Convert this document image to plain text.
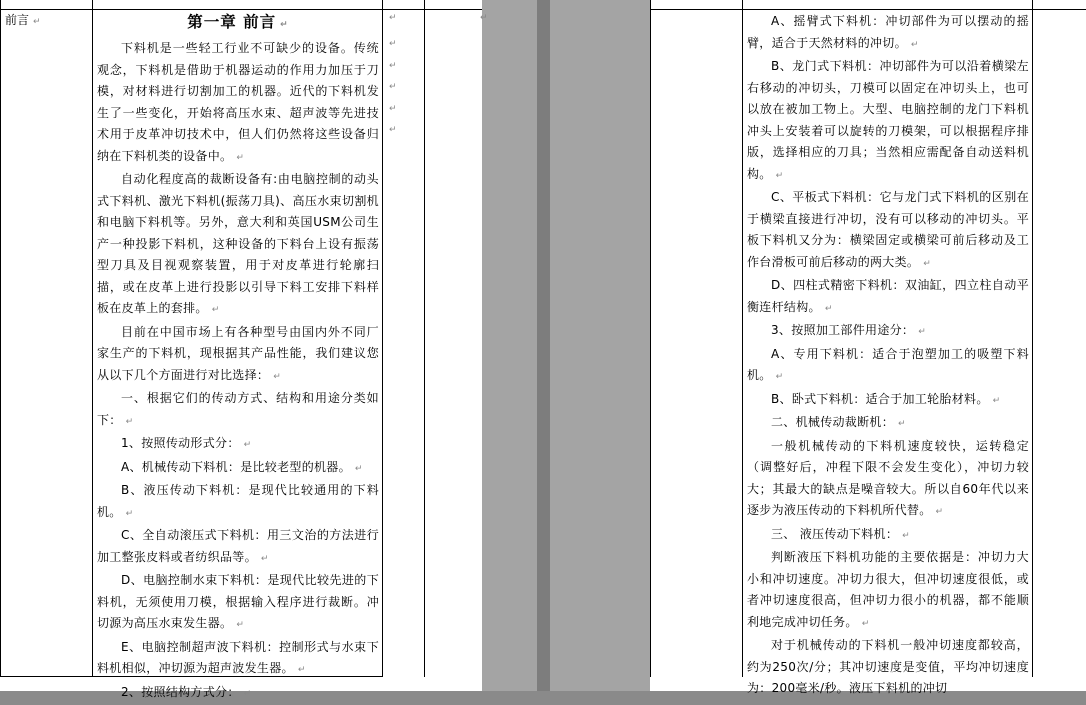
前言 ↵	第一章 前言 ↵

下料机是一些轻工行业不可缺少的设备。传统观念，下料机是借助于机器运动的作用力加压于刀模，对材料进行切割加工的机器。近代的下料机发生了一些变化，开始将高压水束、超声波等先进技术用于皮革冲切技术中，但人们仍然将这些设备归纳在下料机类的设备中。 ↵

自动化程度高的裁断设备有:由电脑控制的动头式下料机、激光下料机(振荡刀具)、高压水束切割机和电脑下料机等。另外，意大利和英国USM公司生产一种投影下料机，这种设备的下料台上设有振荡型刀具及目视观察装置，用于对皮革进行轮廓扫描，或在皮革上进行投影以引导下料工安排下料样板在皮革上的套排。 ↵

目前在中国市场上有各种型号由国内外不同厂家生产的下料机，现根据其产品性能，我们建议您从以下几个方面进行对比选择： ↵

一、根据它们的传动方式、结构和用途分类如下： ↵

1、按照传动形式分： ↵

A、机械传动下料机：是比较老型的机器。 ↵

B、液压传动下料机：是现代比较通用的下料机。 ↵

C、全自动滚压式下料机：用三文治的方法进行加工整张皮料或者纺织品等。 ↵

D、电脑控制水束下料机：是现代比较先进的下料机，无须使用刀模，根据输入程序进行裁断。冲切源为高压水束发生器。 ↵

E、电脑控制超声波下料机：控制形式与水束下料机相似，冲切源为超声波发生器。 ↵

2、按照结构方式分： ↵

↵
↵
↵
↵
↵
↵	↵	A、摇臂式下料机：冲切部件为可以摆动的摇臂，适合于天然材料的冲切。 ↵

B、龙门式下料机：冲切部件为可以沿着横梁左右移动的冲切头，刀模可以固定在冲切头上，也可以放在被加工物上。大型、电脑控制的龙门下料机冲头上安装着可以旋转的刀模架，可以根据程序排版，选择相应的刀具；当然相应需配备自动送料机构。 ↵

C、平板式下料机：它与龙门式下料机的区别在于横梁直接进行冲切，没有可以移动的冲切头。平板下料机又分为：横梁固定或横梁可前后移动及工作台滑板可前后移动的两大类。 ↵

D、四柱式精密下料机：双油缸，四立柱自动平衡连杆结构。 ↵

3、按照加工部件用途分： ↵

A、专用下料机：适合于泡塑加工的吸塑下料机。 ↵

B、卧式下料机：适合于加工轮胎材料。 ↵

二、机械传动裁断机： ↵

一般机械传动的下料机速度较快，运转稳定（调整好后，冲程下限不会发生变化），冲切力较大；其最大的缺点是噪音较大。所以自60年代以来逐步为液压传动的下料机所代替。 ↵

三、 液压传动下料机： ↵

判断液压下料机功能的主要依据是：冲切力大小和冲切速度。冲切力很大，但冲切速度很低，或者冲切速度很高，但冲切力很小的机器，都不能顺利地完成冲切任务。 ↵

对于机械传动的下料机一般冲切速度都较高，约为250次/分；其冲切速度是变值，平均冲切速度为：200毫米/秒。液压下料机的冲切
